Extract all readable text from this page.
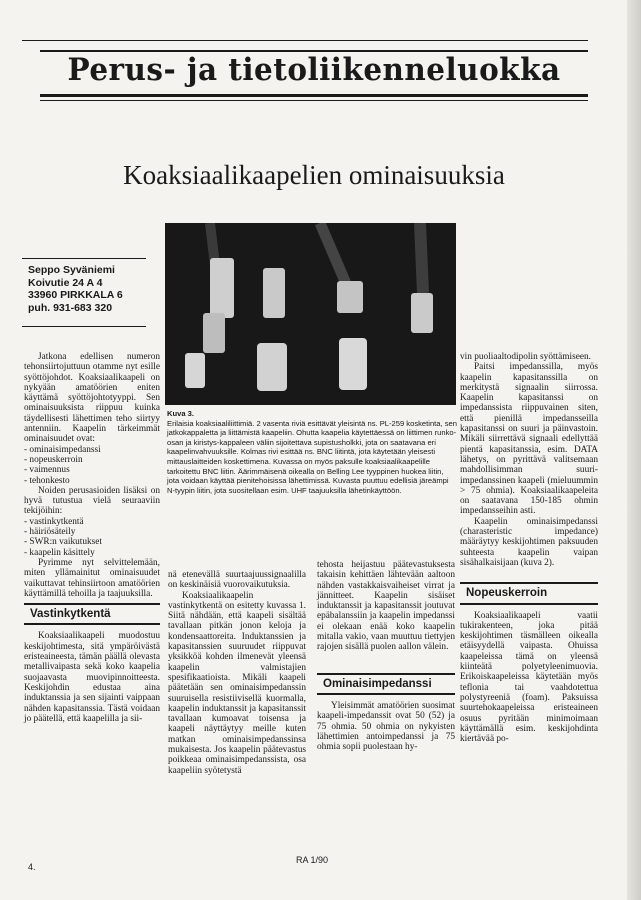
Perus- ja tietoliikenneluokka
Koaksiaalikaapelien ominaisuuksia
Seppo Syväniemi
Koivutie 24 A 4
33960 PIRKKALA 6
puh. 931-683 320
Kuva 3.
Erilaisia koaksiaaliliittimiä. 2 vasenta riviä esittävät yleisintä ns. PL-259 kosketinta, sen jatkokappaletta ja liittämistä kaapeliin. Ohutta kaapelia käytettäessä on liittimen runko-osan ja kiristys-kappaleen väliin sijoitettava supistusholkki, jota on saatavana eri kaapelinvahvuuksille. Kolmas rivi esittää ns. BNC liitintä, jota käytetään yleisesti mittauslaitteiden koskettimena. Kuvassa on myös paksulle koaksiaalikaapelille tarkoitettu BNC liitin. Äärimmäisenä oikealla on Belling Lee tyyppinen huokea liitin, jota voidaan käyttää pienitehoisissa lähettimissä. Kuvasta puuttuu edellisiä järeämpi N-tyypin liitin, jota suositellaan esim. UHF taajuuksilla lähetinkäyttöön.

Jatkona edellisen numeron tehonsiirtojuttuun otamme nyt esille syöttöjohdot. Koaksiaalikaapeli on nykyään amatöörien eniten käyttämä syöttöjohtotyyppi. Sen ominaisuuksista riippuu kuinka täydellisesti lähettimen teho siirtyy antenniin. Kaapelin tärkeimmät ominaisuudet ovat:

- ominaisimpedanssi
- nopeuskerroin
- vaimennus
- tehonkesto

Noiden perusasioiden lisäksi on hyvä tutustua vielä seuraaviin tekijöihin:

- vastinkytkentä
- häiriösäteily
- SWR:n vaikutukset
- kaapelin käsittely

Pyrimme nyt selvittelemään, miten yllämainitut ominaisuudet vaikuttavat tehinsiirtoon amatöörien käyttämillä tehoilla ja taajuuksilla.

Vastinkytkentä

Koaksiaalikaapeli muodostuu keskijohtimesta, sitä ympäröivästä eristeaineesta, tämän päällä olevasta metallivaipasta sekä koko kaapelia suojaavasta muovipinnoitteesta. Keskijohdin edustaa aina induktanssia ja sen sijainti vaippaan nähden kapasitanssia. Tästä voidaan jo päätellä, että kaapelilla ja sii-

nä etenevällä suurtaajuussignaalilla on keskinäisiä vuorovaikutuksia.

Koaksiaalikaapelin vastinkytkentä on esitetty kuvassa 1. Siitä nähdään, että kaapeli sisältää tavallaan pitkän jonon keloja ja kondensaattoreita. Induktanssien ja kapasitanssien suuruudet riippuvat yksikköä kohden ilmenevät yleensä kaapelin valmistajien spesifikaatioista. Mikäli kaapeli päätetään sen ominaisimpedanssin suuruisella resistiivisellä kuormalla, kaapelin induktanssit ja kapasitanssit tavallaan kumoavat toisensa ja kaapeli näyttäytyy meille kuten matkan ominaisimpedanssinsa mukaisesta. Jos kaapelin päätevastus poikkeaa ominaisimpedanssista, osa kaapeliin syötetystä

tehosta heijastuu päätevastuksesta takaisin kehittäen lähtevään aaltoon nähden vastakkaisvaiheiset virrat ja jännitteet. Kaapelin sisäiset induktanssit ja kapasitanssit joutuvat epäbalanssiin ja kaapelin impedanssi ei olekaan enää koko kaapelin mitalla vakio, vaan muuttuu tiettyjen rajojen sisällä puolen aallon välein.

Ominaisimpedanssi

Yleisimmät amatöörien suosimat kaapeli-impedanssit ovat 50 (52) ja 75 ohmia. 50 ohmia on nykyisten lähettimien antoimpedanssi ja 75 ohmia sopii puolestaan hy-

vin puoliaaltodipolin syöttämiseen.

Paitsi impedanssilla, myös kaapelin kapasitanssilla on merkitystä signaalin siirrossa. Kaapelin kapasitanssi on impedanssista riippuvainen siten, että pienillä impedansseilla kapasitanssi on suuri ja päinvastoin. Mikäli siirrettävä signaali edellyttää pientä kapasitanssia, esim. DATA lähetys, on pyrittävä valitsemaan mahdollisimman suuri-impedanssinen kaapeli (mieluummin > 75 ohmia). Koaksiaalikaapeleita on saatavana 150-185 ohmin impedansseihin asti.

Kaapelin ominaisimpedanssi (charasteristic impedance) määräytyy keskijohtimen paksuuden suhteesta kaapelin vaipan sisähalkaisijaan (kuva 2).

Nopeuskerroin

Koaksiaalikaapeli vaatii tukirakenteen, joka pitää keskijohtimen täsmälleen oikealla etäisyydellä vaipasta. Ohuissa kaapeleissa tämä on yleensä kiinteätä polyetyleenimuovia. Erikoiskaapeleissa käytetään myös teflonia tai vaahdotettua polystyreeniä (foam). Paksuissa suurtehokaapeleissa eristeaineen osuus pyritään minimoimaan käyttämällä esim. keskijohdinta kiertävää po-

4.
RA 1/90
